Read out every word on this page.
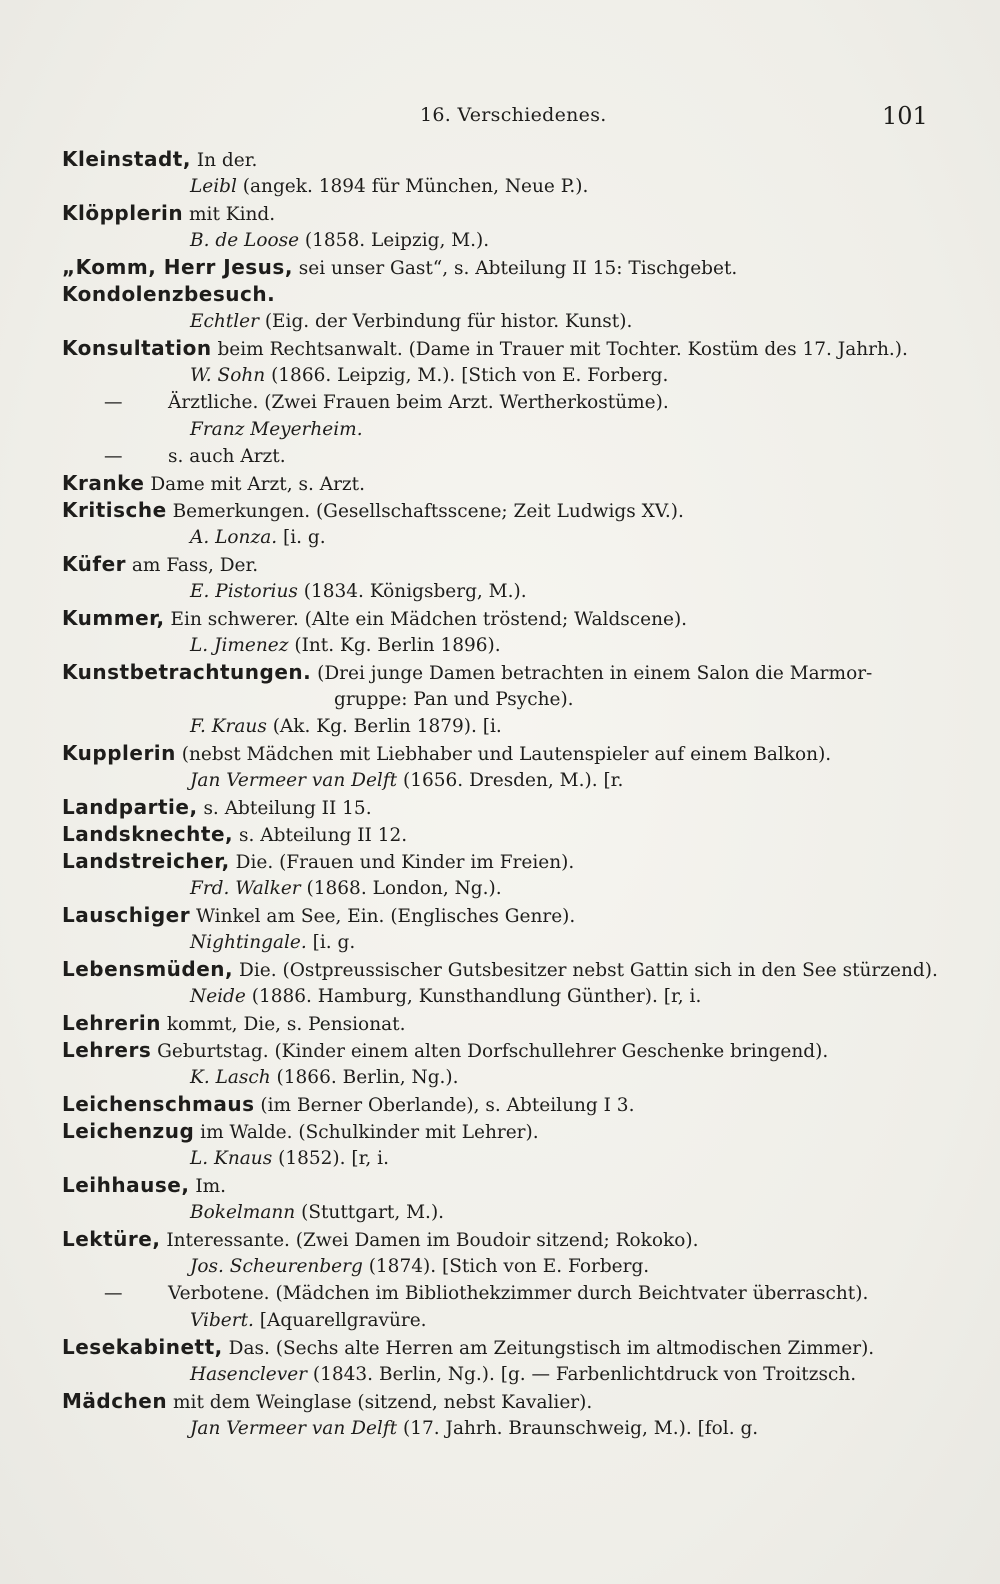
16. Verschiedenes.	101
Kleinstadt, In der.
Leibl (angek. 1894 für München, Neue P.).
Klöpplerin mit Kind.
B. de Loose (1858. Leipzig, M.).
„Komm, Herr Jesus, sei unser Gast“, s. Abteilung II 15: Tischgebet.
Kondolenzbesuch.
Echtler (Eig. der Verbindung für histor. Kunst).
Konsultation beim Rechtsanwalt. (Dame in Trauer mit Tochter. Kostüm des 17. Jahrh.).
W. Sohn (1866. Leipzig, M.). [Stich von E. Forberg.
— Ärztliche. (Zwei Frauen beim Arzt. Wertherkostüme).
Franz Meyerheim.
— s. auch Arzt.
Kranke Dame mit Arzt, s. Arzt.
Kritische Bemerkungen. (Gesellschaftsscene; Zeit Ludwigs XV.).
A. Lonza. [i. g.
Küfer am Fass, Der.
E. Pistorius (1834. Königsberg, M.).
Kummer, Ein schwerer. (Alte ein Mädchen tröstend; Waldscene).
L. Jimenez (Int. Kg. Berlin 1896).
Kunstbetrachtungen. (Drei junge Damen betrachten in einem Salon die Marmor-
gruppe: Pan und Psyche).
F. Kraus (Ak. Kg. Berlin 1879). [i.
Kupplerin (nebst Mädchen mit Liebhaber und Lautenspieler auf einem Balkon).
Jan Vermeer van Delft (1656. Dresden, M.). [r.
Landpartie, s. Abteilung II 15.
Landsknechte, s. Abteilung II 12.
Landstreicher, Die. (Frauen und Kinder im Freien).
Frd. Walker (1868. London, Ng.).
Lauschiger Winkel am See, Ein. (Englisches Genre).
Nightingale. [i. g.
Lebensmüden, Die. (Ostpreussischer Gutsbesitzer nebst Gattin sich in den See stürzend).
Neide (1886. Hamburg, Kunsthandlung Günther). [r, i.
Lehrerin kommt, Die, s. Pensionat.
Lehrers Geburtstag. (Kinder einem alten Dorfschullehrer Geschenke bringend).
K. Lasch (1866. Berlin, Ng.).
Leichenschmaus (im Berner Oberlande), s. Abteilung I 3.
Leichenzug im Walde. (Schulkinder mit Lehrer).
L. Knaus (1852). [r, i.
Leihhause, Im.
Bokelmann (Stuttgart, M.).
Lektüre, Interessante. (Zwei Damen im Boudoir sitzend; Rokoko).
Jos. Scheurenberg (1874). [Stich von E. Forberg.
— Verbotene. (Mädchen im Bibliothekzimmer durch Beichtvater überrascht).
Vibert. [Aquarellgravüre.
Lesekabinett, Das. (Sechs alte Herren am Zeitungstisch im altmodischen Zimmer).
Hasenclever (1843. Berlin, Ng.). [g. — Farbenlichtdruck von Troitzsch.
Mädchen mit dem Weinglase (sitzend, nebst Kavalier).
Jan Vermeer van Delft (17. Jahrh. Braunschweig, M.). [fol. g.
